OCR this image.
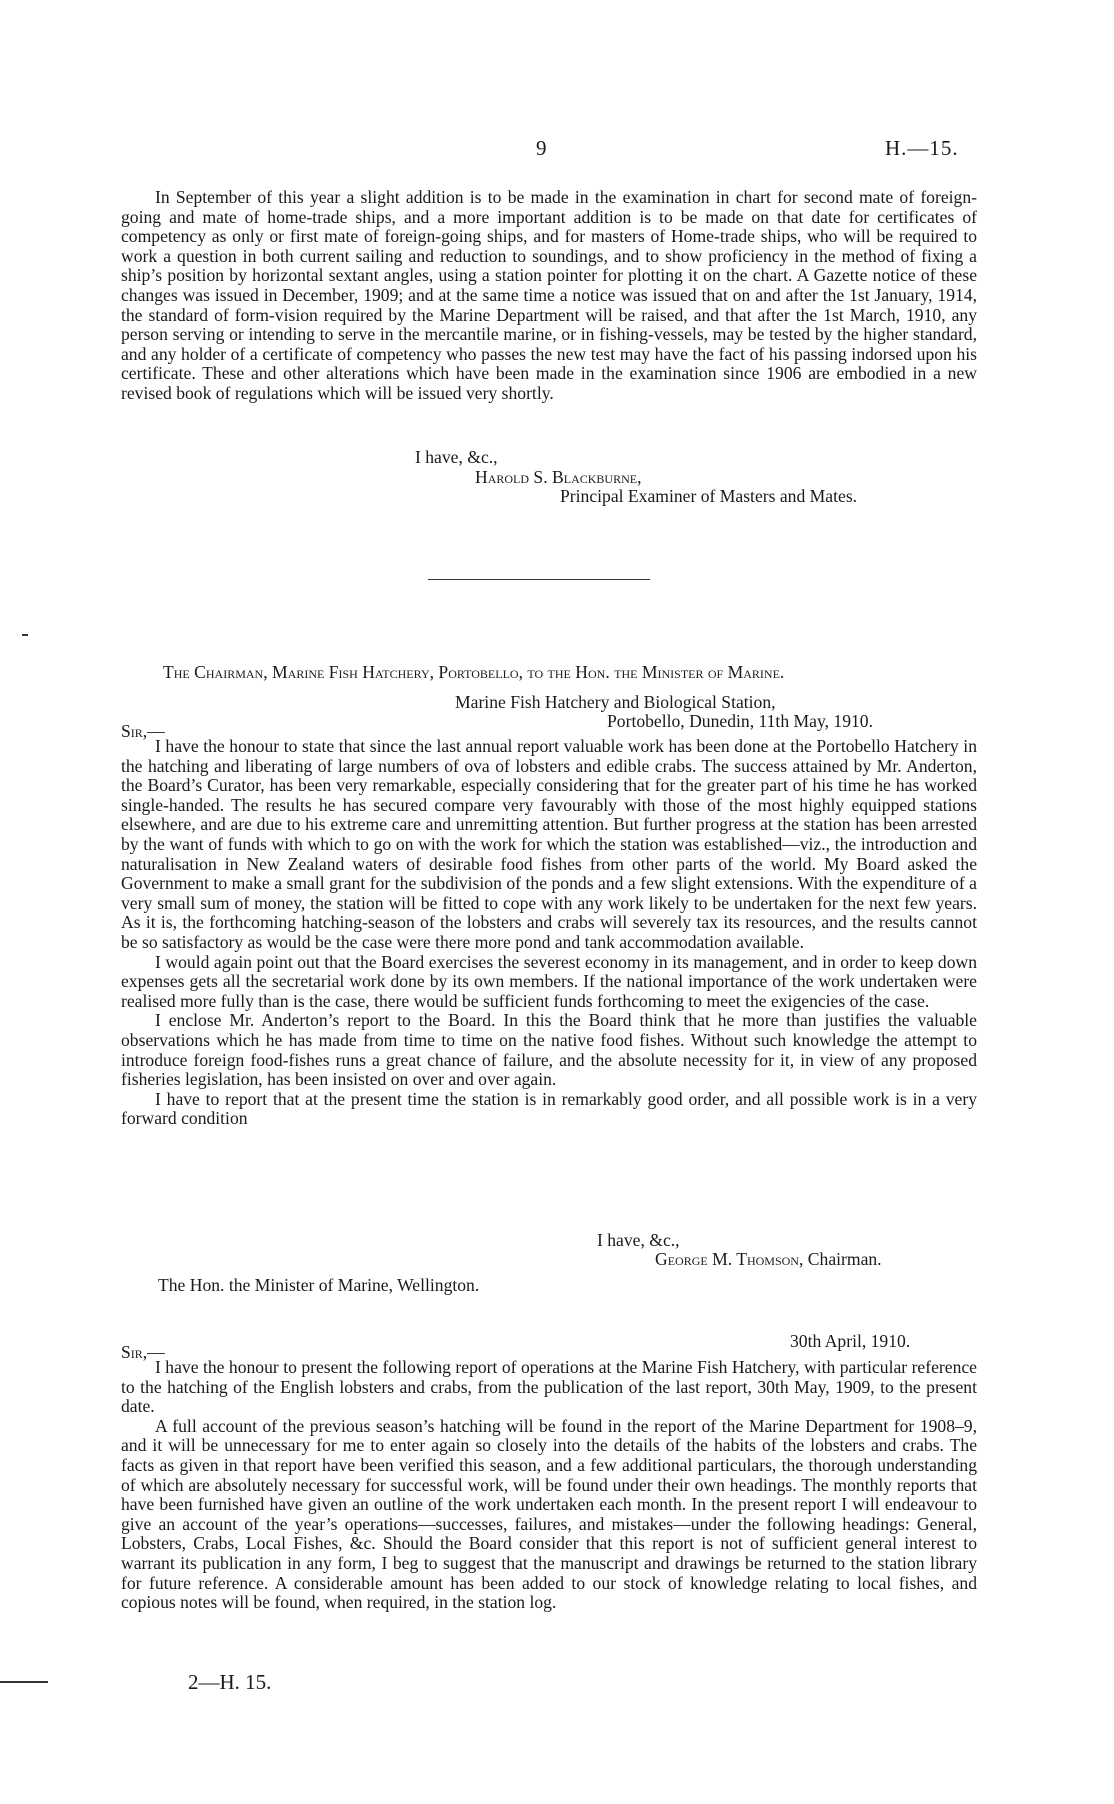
9	H.—15.

In September of this year a slight addition is to be made in the examination in chart for second mate of foreign-going and mate of home-trade ships, and a more important addition is to be made on that date for certificates of competency as only or first mate of foreign-going ships, and for masters of Home-trade ships, who will be required to work a question in both current sailing and reduction to soundings, and to show proficiency in the method of fixing a ship’s position by horizontal sextant angles, using a station pointer for plotting it on the chart. A Gazette notice of these changes was issued in December, 1909; and at the same time a notice was issued that on and after the 1st January, 1914, the standard of form-vision required by the Marine Department will be raised, and that after the 1st March, 1910, any person serving or intending to serve in the mercantile marine, or in fishing-vessels, may be tested by the higher standard, and any holder of a certificate of competency who passes the new test may have the fact of his passing indorsed upon his certificate. These and other alterations which have been made in the examination since 1906 are embodied in a new revised book of regulations which will be issued very shortly.

I have, &c.,
Harold S. Blackburne,
Principal Examiner of Masters and Mates.
The Chairman, Marine Fish Hatchery, Portobello, to the Hon. the Minister of Marine.
Marine Fish Hatchery and Biological Station,
Portobello, Dunedin, 11th May, 1910.
Sir,—

I have the honour to state that since the last annual report valuable work has been done at the Portobello Hatchery in the hatching and liberating of large numbers of ova of lobsters and edible crabs. The success attained by Mr. Anderton, the Board’s Curator, has been very remarkable, especially considering that for the greater part of his time he has worked single-handed. The results he has secured compare very favourably with those of the most highly equipped stations elsewhere, and are due to his extreme care and unremitting attention. But further progress at the station has been arrested by the want of funds with which to go on with the work for which the station was established—viz., the introduction and naturalisation in New Zealand waters of desirable food fishes from other parts of the world. My Board asked the Government to make a small grant for the subdivision of the ponds and a few slight extensions. With the expenditure of a very small sum of money, the station will be fitted to cope with any work likely to be undertaken for the next few years. As it is, the forthcoming hatching-season of the lobsters and crabs will severely tax its resources, and the results cannot be so satisfactory as would be the case were there more pond and tank accommodation available.

I would again point out that the Board exercises the severest economy in its management, and in order to keep down expenses gets all the secretarial work done by its own members. If the national importance of the work undertaken were realised more fully than is the case, there would be sufficient funds forthcoming to meet the exigencies of the case.

I enclose Mr. Anderton’s report to the Board. In this the Board think that he more than justifies the valuable observations which he has made from time to time on the native food fishes. Without such knowledge the attempt to introduce foreign food-fishes runs a great chance of failure, and the absolute necessity for it, in view of any proposed fisheries legislation, has been insisted on over and over again.

I have to report that at the present time the station is in remarkably good order, and all possible work is in a very forward condition

I have, &c.,
George M. Thomson, Chairman.
The Hon. the Minister of Marine, Wellington.
30th April, 1910.
Sir,—

I have the honour to present the following report of operations at the Marine Fish Hatchery, with particular reference to the hatching of the English lobsters and crabs, from the publication of the last report, 30th May, 1909, to the present date.

A full account of the previous season’s hatching will be found in the report of the Marine Department for 1908–9, and it will be unnecessary for me to enter again so closely into the details of the habits of the lobsters and crabs. The facts as given in that report have been verified this season, and a few additional particulars, the thorough understanding of which are absolutely necessary for successful work, will be found under their own headings. The monthly reports that have been furnished have given an outline of the work undertaken each month. In the present report I will endeavour to give an account of the year’s operations—successes, failures, and mistakes—under the following headings: General, Lobsters, Crabs, Local Fishes, &c. Should the Board consider that this report is not of sufficient general interest to warrant its publication in any form, I beg to suggest that the manuscript and drawings be returned to the station library for future reference. A considerable amount has been added to our stock of knowledge relating to local fishes, and copious notes will be found, when required, in the station log.

2—H. 15.
